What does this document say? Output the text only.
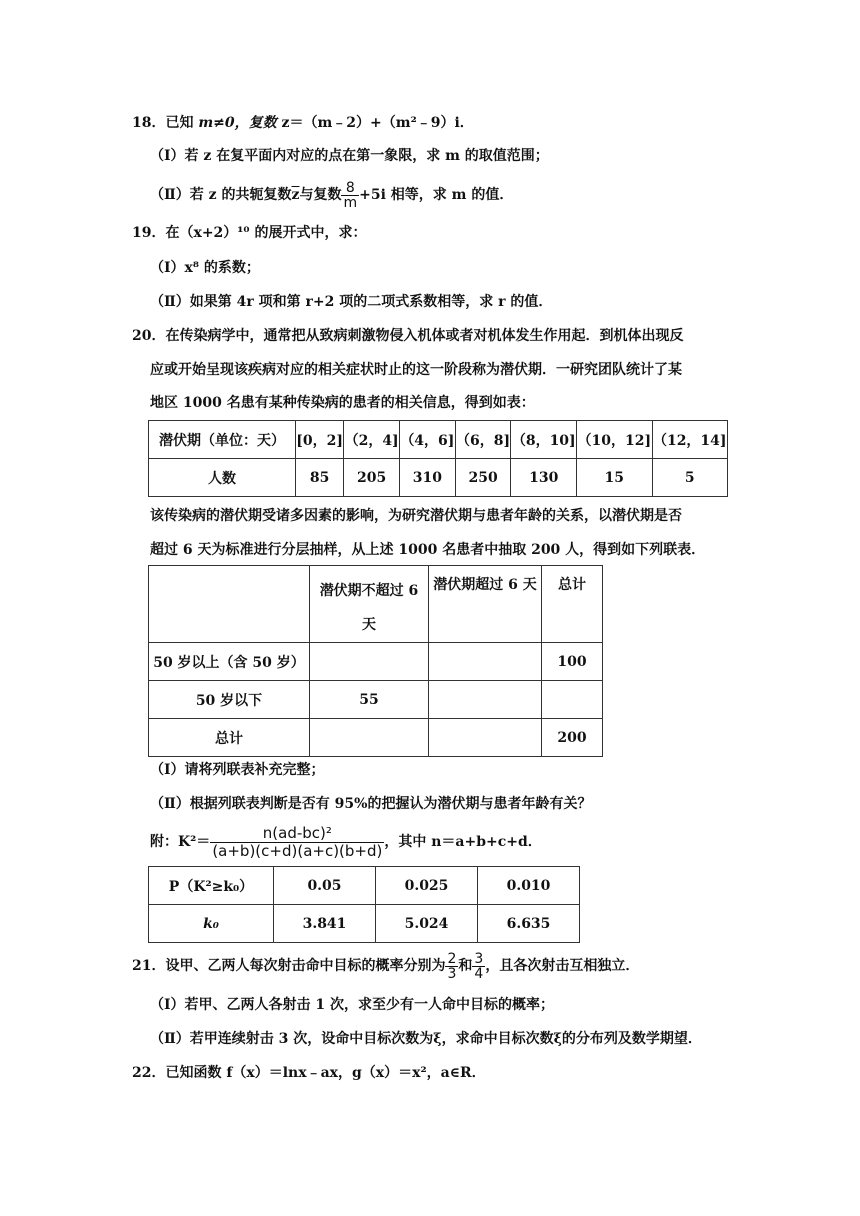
18．已知 m≠0，复数 z＝（m﹣2）+（m²﹣9）i．
（Ⅰ）若 z 在复平面内对应的点在第一象限，求 m 的取值范围；
（Ⅱ）若 z 的共轭复数$\overline{z}$与复数 $\frac{8}{m} +5i$ 相等，求 m 的值．
19．在（x+2）¹⁰ 的展开式中，求：
（Ⅰ）x⁸ 的系数；
（Ⅱ）如果第 4r 项和第 r+2 项的二项式系数相等，求 r 的值．
20．在传染病学中，通常把从致病刺激物侵入机体或者对机体发生作用起．到机体出现反
应或开始呈现该疾病对应的相关症状时止的这一阶段称为潜伏期．一研究团队统计了某
地区 1000 名患有某种传染病的患者的相关信息，得到如表：
潜伏期（单位：天）	[0，2]	（2，4]	（4，6]	（6，8]	（8，10]	（10，12]	（12，14]
人数	85	205	310	250	130	15	5
该传染病的潜伏期受诸多因素的影响，为研究潜伏期与患者年龄的关系，以潜伏期是否
超过 6 天为标准进行分层抽样，从上述 1000 名患者中抽取 200 人，得到如下列联表．
	潜伏期不超过 6
天	潜伏期超过 6 天	总计
50 岁以上（含 50 岁）			100
50 岁以下	55		
总计			200
（Ⅰ）请将列联表补充完整；
（Ⅱ）根据列联表判断是否有 95%的把握认为潜伏期与患者年龄有关？
附：$K^2= \frac{\text{n(ad-bc)²}}{(a+b)(c+d)(a+c)(b+d)}$ ，其中 n＝a+b+c+d．
P（K²≥k₀）	0.05	0.025	0.010
k₀	3.841	5.024	6.635
21．设甲、乙两人每次射击命中目标的概率分别为 $\frac{2}{3}$ 和 $\frac{3}{4}$ ，且各次射击互相独立．
（Ⅰ）若甲、乙两人各射击 1 次，求至少有一人命中目标的概率；
（Ⅱ）若甲连续射击 3 次，设命中目标次数为ξ，求命中目标次数ξ的分布列及数学期望．
22．已知函数 f（x）＝lnx﹣ax，g（x）＝x²，a∈R．
